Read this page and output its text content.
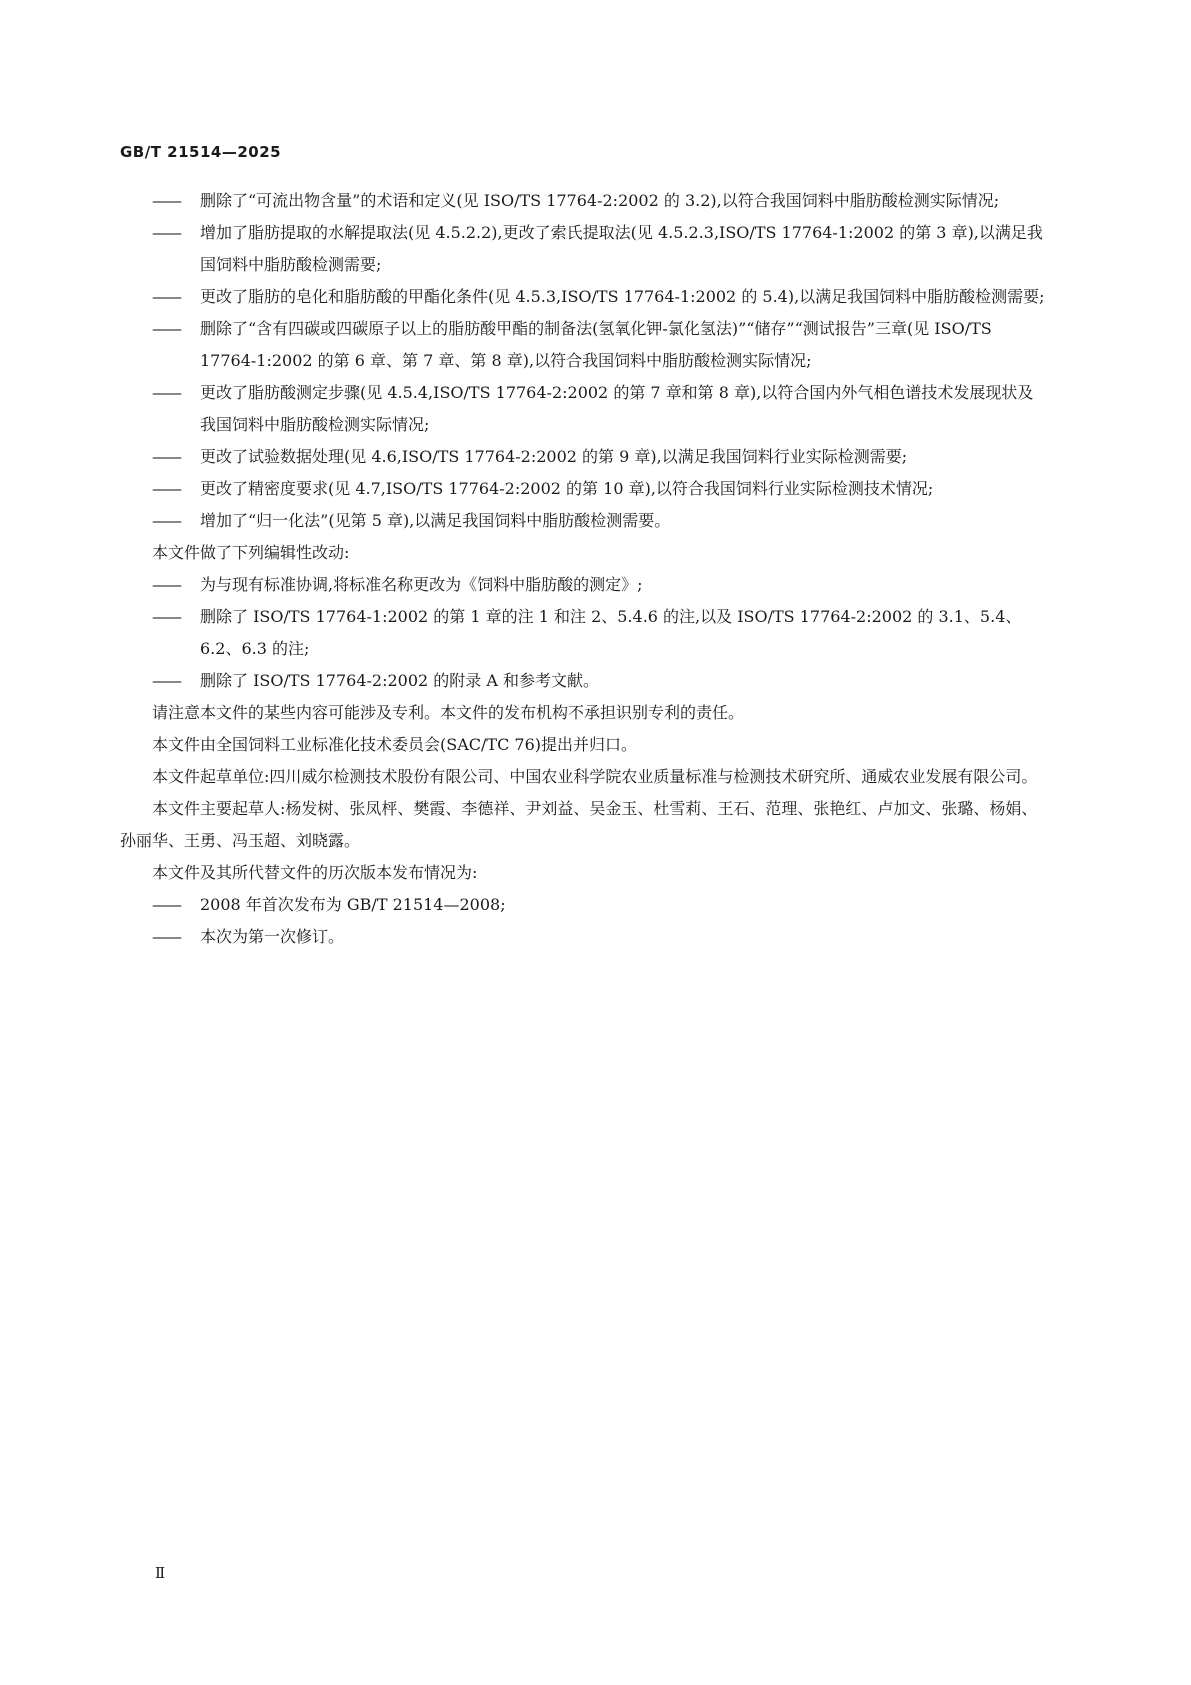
GB/T 21514—2025
—— 删除了“可流出物含量”的术语和定义(见 ISO/TS 17764-2:2002 的 3.2),以符合我国饲料中脂肪酸检测实际情况;
—— 增加了脂肪提取的水解提取法(见 4.5.2.2),更改了索氏提取法(见 4.5.2.3,ISO/TS 17764-1:2002 的第 3 章),以满足我国饲料中脂肪酸检测需要;
—— 更改了脂肪的皂化和脂肪酸的甲酯化条件(见 4.5.3,ISO/TS 17764-1:2002 的 5.4),以满足我国饲料中脂肪酸检测需要;
—— 删除了“含有四碳或四碳原子以上的脂肪酸甲酯的制备法(氢氧化钾-氯化氢法)”“储存”“测试报告”三章(见 ISO/TS 17764-1:2002 的第 6 章、第 7 章、第 8 章),以符合我国饲料中脂肪酸检测实际情况;
—— 更改了脂肪酸测定步骤(见 4.5.4,ISO/TS 17764-2:2002 的第 7 章和第 8 章),以符合国内外气相色谱技术发展现状及我国饲料中脂肪酸检测实际情况;
—— 更改了试验数据处理(见 4.6,ISO/TS 17764-2:2002 的第 9 章),以满足我国饲料行业实际检测需要;
—— 更改了精密度要求(见 4.7,ISO/TS 17764-2:2002 的第 10 章),以符合我国饲料行业实际检测技术情况;
—— 增加了“归一化法”(见第 5 章),以满足我国饲料中脂肪酸检测需要。
本文件做了下列编辑性改动:
—— 为与现有标准协调,将标准名称更改为《饲料中脂肪酸的测定》;
—— 删除了 ISO/TS 17764-1:2002 的第 1 章的注 1 和注 2、5.4.6 的注,以及 ISO/TS 17764-2:2002 的 3.1、5.4、6.2、6.3 的注;
—— 删除了 ISO/TS 17764-2:2002 的附录 A 和参考文献。
请注意本文件的某些内容可能涉及专利。本文件的发布机构不承担识别专利的责任。
本文件由全国饲料工业标准化技术委员会(SAC/TC 76)提出并归口。
本文件起草单位:四川威尔检测技术股份有限公司、中国农业科学院农业质量标准与检测技术研究所、通威农业发展有限公司。
本文件主要起草人:杨发树、张凤枰、樊霞、李德祥、尹刘益、吴金玉、杜雪莉、王石、范理、张艳红、卢加文、张璐、杨娟、孙丽华、王勇、冯玉超、刘晓露。
本文件及其所代替文件的历次版本发布情况为:
—— 2008 年首次发布为 GB/T 21514—2008;
—— 本次为第一次修订。
Ⅱ
